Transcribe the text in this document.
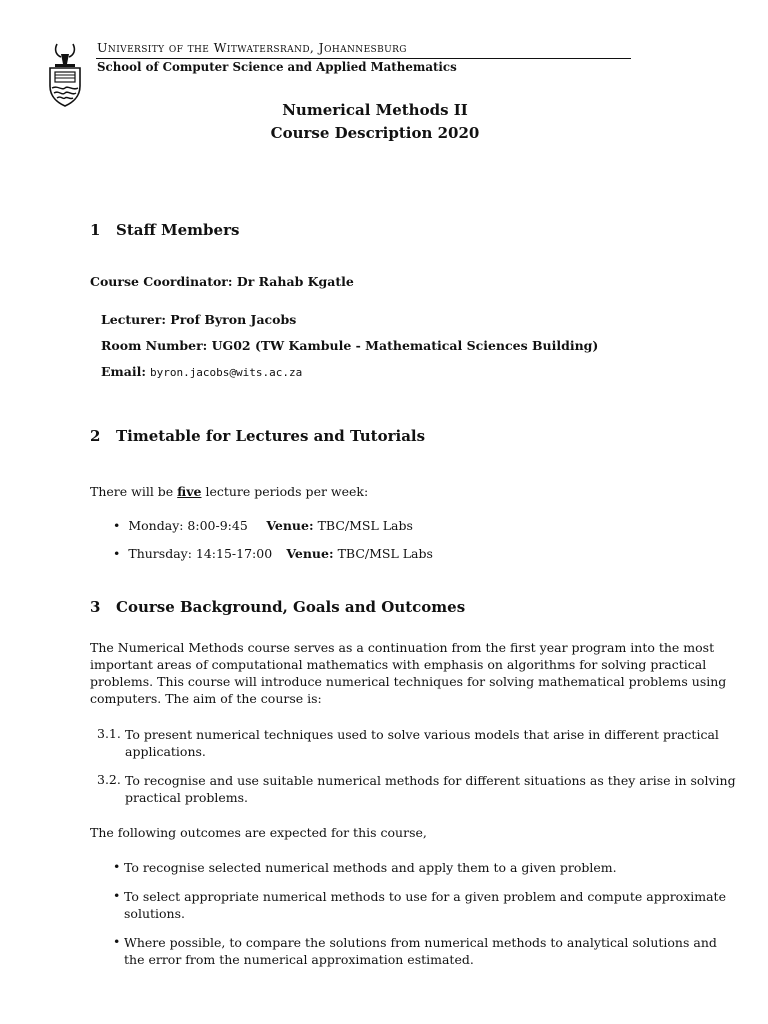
University of the Witwatersrand, Johannesburg
School of Computer Science and Applied Mathematics
Numerical Methods II
Course Description 2020
1 Staff Members
Course Coordinator: Dr Rahab Kgatle
Lecturer: Prof Byron Jacobs
Room Number: UG02 (TW Kambule - Mathematical Sciences Building)
Email: byron.jacobs@wits.ac.za
2 Timetable for Lectures and Tutorials
There will be five lecture periods per week:
• Monday: 8:00-9:45 Venue: TBC/MSL Labs
• Thursday: 14:15-17:00 Venue: TBC/MSL Labs
3 Course Background, Goals and Outcomes
The Numerical Methods course serves as a continuation from the first year program into the most
important areas of computational mathematics with emphasis on algorithms for solving practical
problems. This course will introduce numerical techniques for solving mathematical problems using
computers. The aim of the course is:
3.1. To present numerical techniques used to solve various models that arise in different practical
applications.
3.2. To recognise and use suitable numerical methods for different situations as they arise in solving
practical problems.
The following outcomes are expected for this course,
• To recognise selected numerical methods and apply them to a given problem.
• To select appropriate numerical methods to use for a given problem and compute approximate
solutions.
• Where possible, to compare the solutions from numerical methods to analytical solutions and
the error from the numerical approximation estimated.
